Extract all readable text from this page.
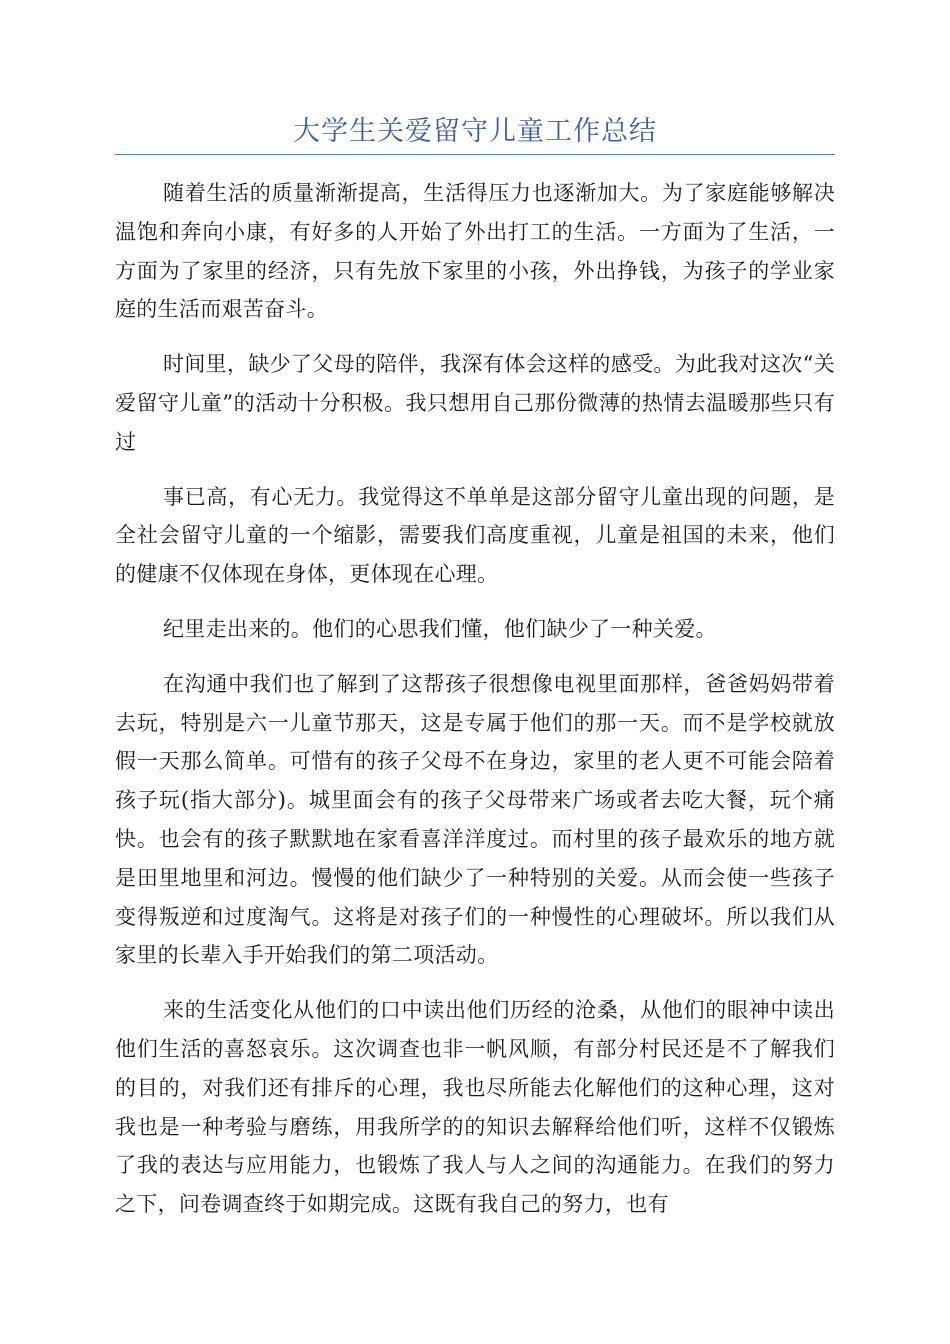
大学生关爱留守儿童工作总结

随着生活的质量渐渐提高，生活得压力也逐渐加大。为了家庭能够解决温饱和奔向小康，有好多的人开始了外出打工的生活。一方面为了生活，一方面为了家里的经济，只有先放下家里的小孩，外出挣钱，为孩子的学业家庭的生活而艰苦奋斗。

时间里，缺少了父母的陪伴，我深有体会这样的感受。为此我对这次“关爱留守儿童”的活动十分积极。我只想用自己那份微薄的热情去温暖那些只有过

事已高，有心无力。我觉得这不单单是这部分留守儿童出现的问题，是全社会留守儿童的一个缩影，需要我们高度重视，儿童是祖国的未来，他们的健康不仅体现在身体，更体现在心理。

纪里走出来的。他们的心思我们懂，他们缺少了一种关爱。

在沟通中我们也了解到了这帮孩子很想像电视里面那样，爸爸妈妈带着去玩，特别是六一儿童节那天，这是专属于他们的那一天。而不是学校就放假一天那么简单。可惜有的孩子父母不在身边，家里的老人更不可能会陪着孩子玩(指大部分)。城里面会有的孩子父母带来广场或者去吃大餐，玩个痛快。也会有的孩子默默地在家看喜洋洋度过。而村里的孩子最欢乐的地方就是田里地里和河边。慢慢的他们缺少了一种特别的关爱。从而会使一些孩子变得叛逆和过度淘气。这将是对孩子们的一种慢性的心理破坏。所以我们从家里的长辈入手开始我们的第二项活动。

来的生活变化从他们的口中读出他们历经的沧桑，从他们的眼神中读出他们生活的喜怒哀乐。这次调查也非一帆风顺，有部分村民还是不了解我们的目的，对我们还有排斥的心理，我也尽所能去化解他们的这种心理，这对我也是一种考验与磨练，用我所学的的知识去解释给他们听，这样不仅锻炼了我的表达与应用能力，也锻炼了我人与人之间的沟通能力。在我们的努力之下，问卷调查终于如期完成。这既有我自己的努力，也有
